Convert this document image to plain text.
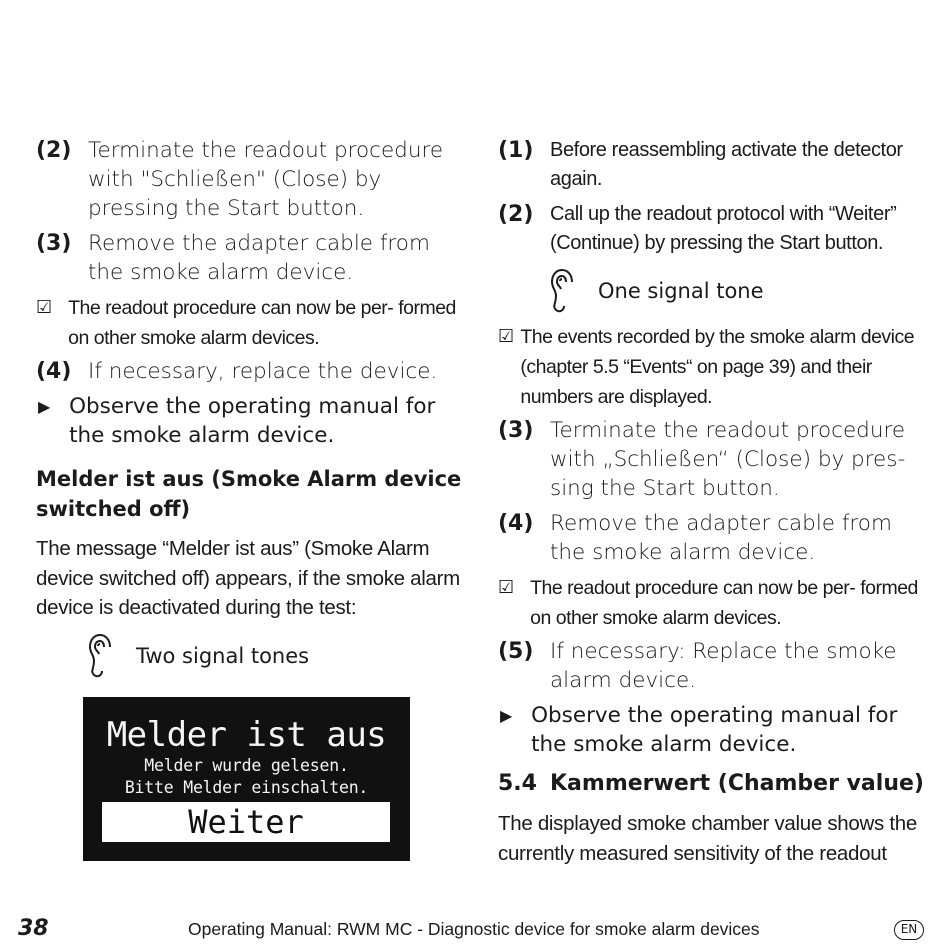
(2) Terminate the readout procedure with "Schließen" (Close) by pressing the Start button.
(3) Remove the adapter cable from the smoke alarm device.
☑ The readout procedure can now be per- formed on other smoke alarm devices.
(4) If necessary, replace the device.
▶ Observe the operating manual for the smoke alarm device.
Melder ist aus (Smoke Alarm device switched off)
The message “Melder ist aus” (Smoke Alarm device switched off) appears, if the smoke alarm device is deactivated during the test:
Two signal tones
Melder ist aus
Melder wurde gelesen.
Bitte Melder einschalten.
Weiter
(1) Before reassembling activate the detector again.
(2) Call up the readout protocol with “Weiter” (Continue) by pressing the Start button.
One signal tone
☑ The events recorded by the smoke alarm device (chapter 5.5 “Events“ on page 39) and their numbers are displayed.
(3) Terminate the readout procedure with „Schließen“ (Close) by pres- sing the Start button.
(4) Remove the adapter cable from the smoke alarm device.
☑ The readout procedure can now be per- formed on other smoke alarm devices.
(5) If necessary: Replace the smoke alarm device.
▶ Observe the operating manual for the smoke alarm device.
5.4 Kammerwert (Chamber value)
The displayed smoke chamber value shows the currently measured sensitivity of the readout
38	Operating Manual: RWM MC - Diagnostic device for smoke alarm devices	EN
